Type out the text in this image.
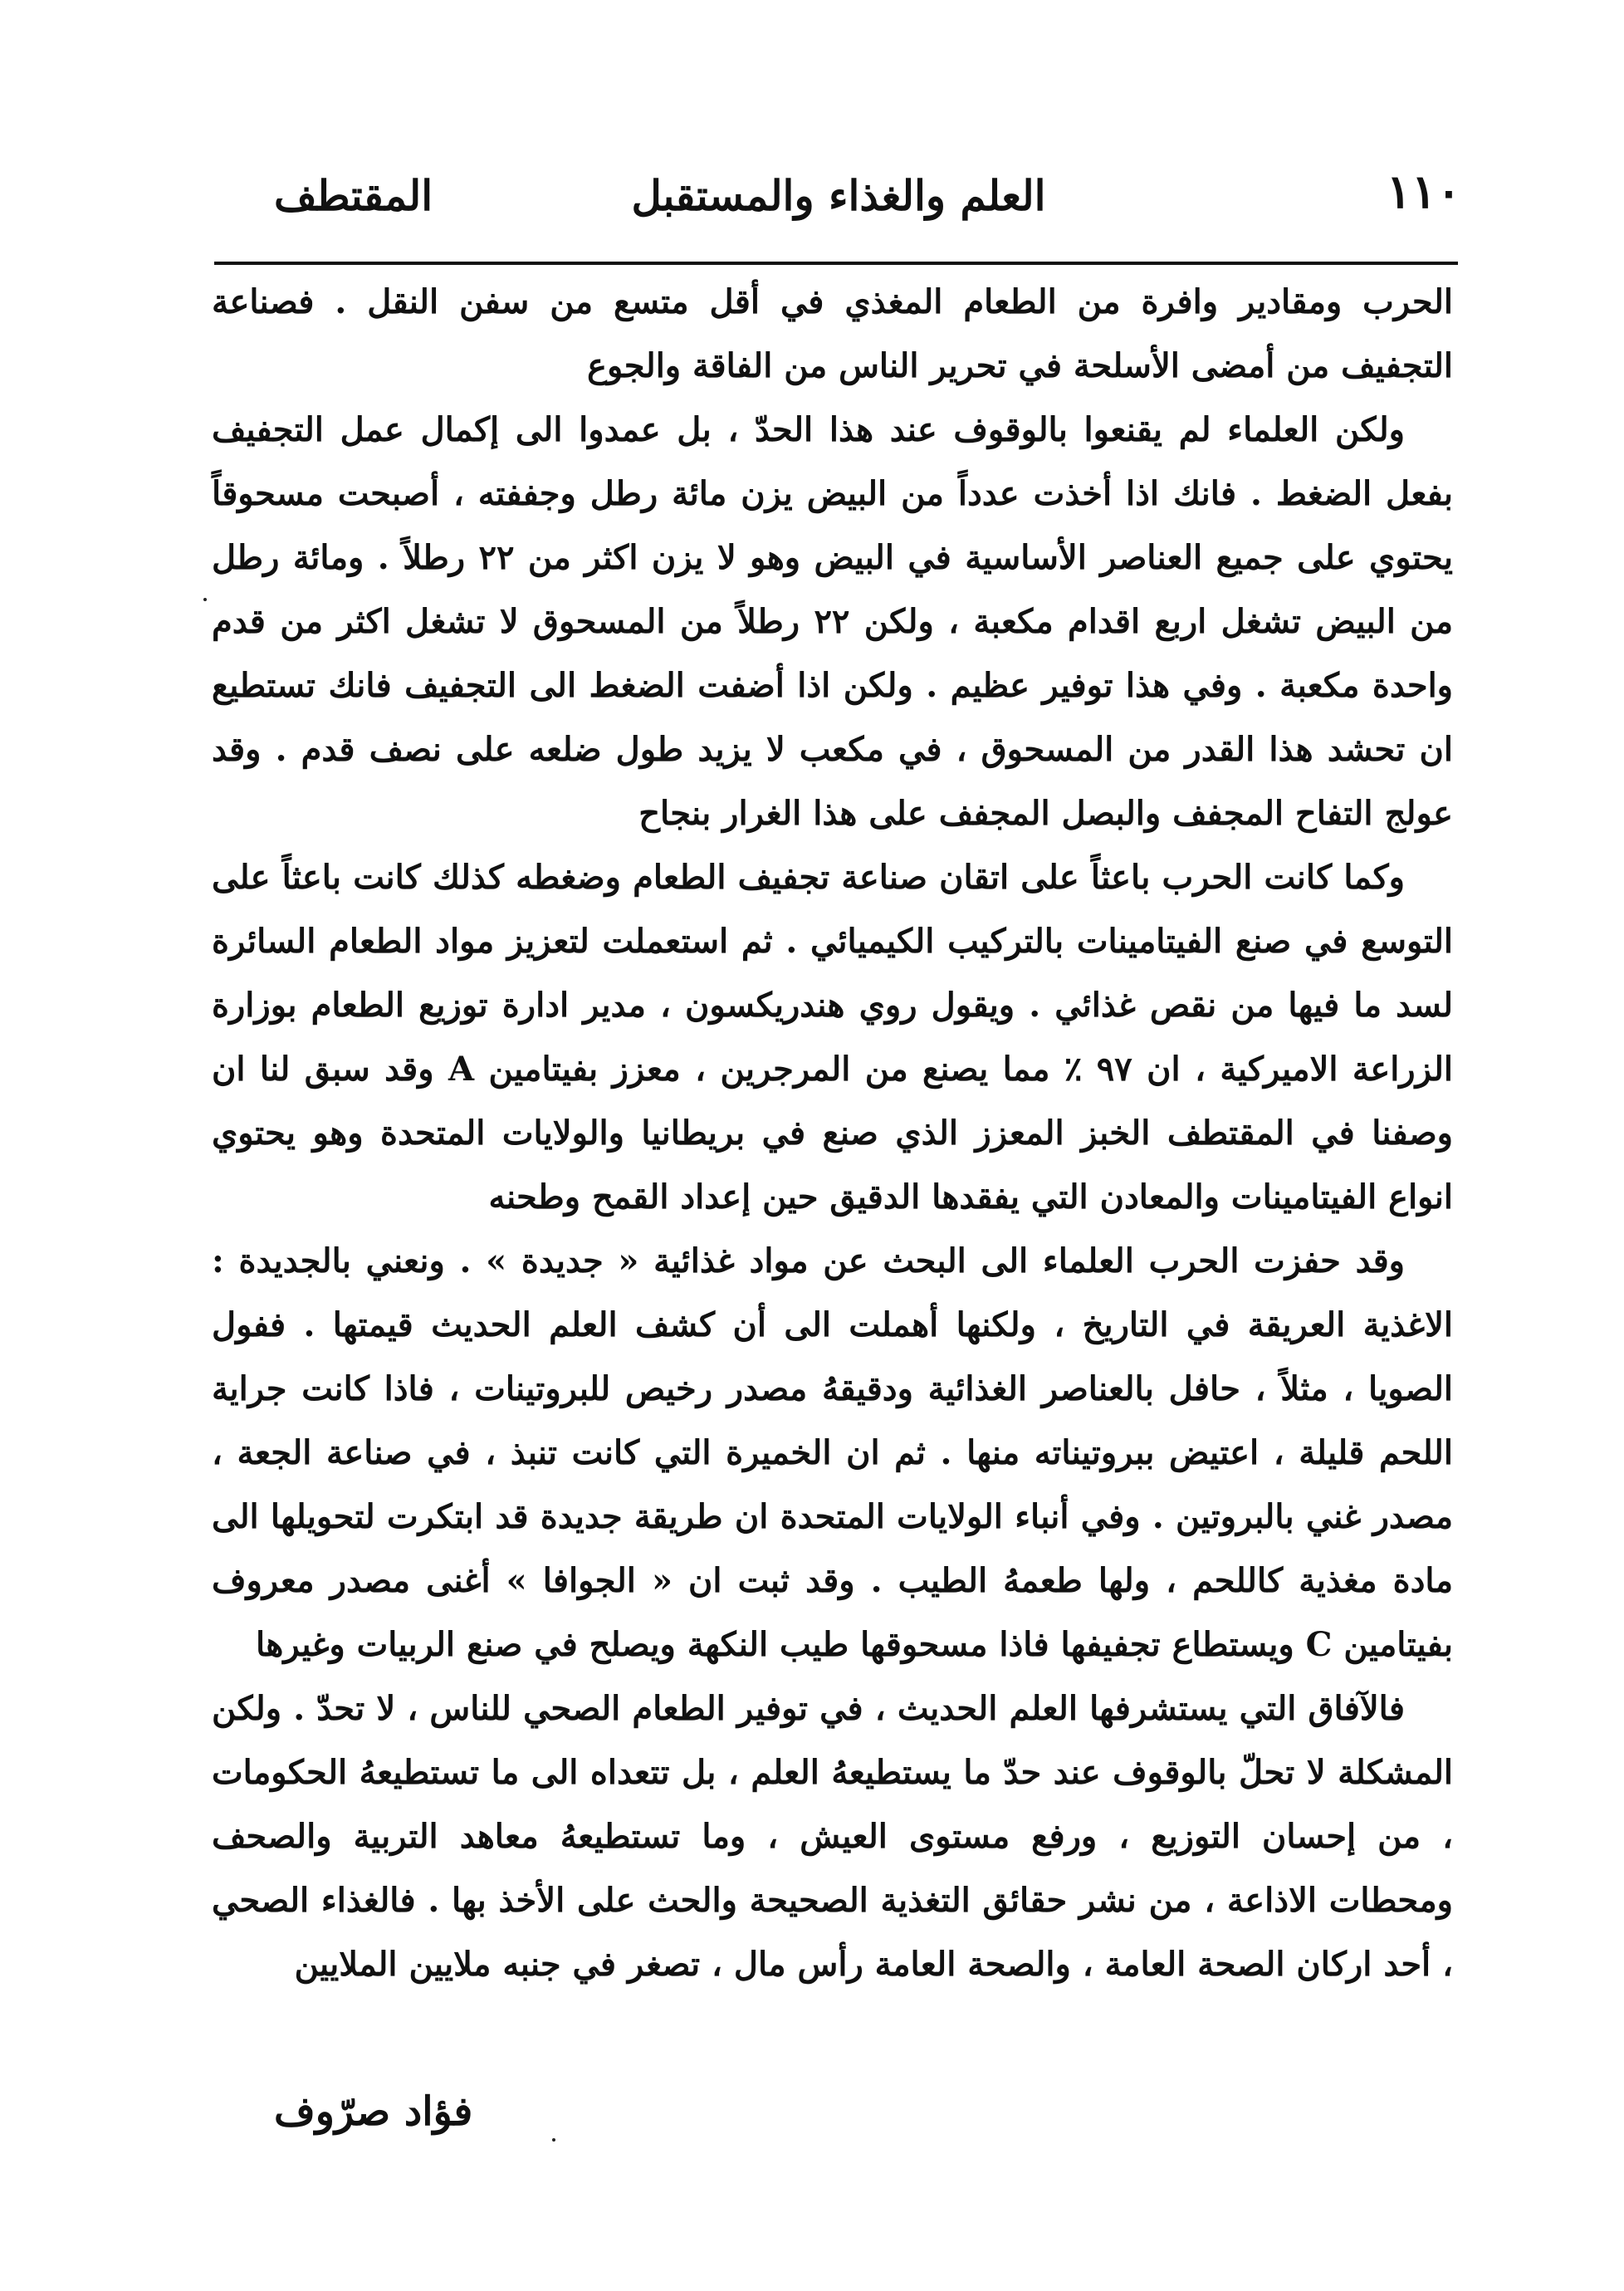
١١٠
العلم والغذاء والمستقبل
المقتطف

الحرب ومقادير وافرة من الطعام المغذي في أقل متسع من سفن النقل . فصناعة التجفيف من أمضى الأسلحة في تحرير الناس من الفاقة والجوع

ولكن العلماء لم يقنعوا بالوقوف عند هذا الحدّ ، بل عمدوا الى إكمال عمل التجفيف بفعل الضغط . فانك اذا أخذت عدداً من البيض يزن مائة رطل وجففته ، أصبحت مسحوقاً يحتوي على جميع العناصر الأساسية في البيض وهو لا يزن اكثر من ٢٢ رطلاً . ومائة رطل من البيض تشغل اربع اقدام مكعبة ، ولكن ٢٢ رطلاً من المسحوق لا تشغل اكثر من قدم واحدة مكعبة . وفي هذا توفير عظيم . ولكن اذا أضفت الضغط الى التجفيف فانك تستطيع ان تحشد هذا القدر من المسحوق ، في مكعب لا يزيد طول ضلعه على نصف قدم . وقد عولج التفاح المجفف والبصل المجفف على هذا الغرار بنجاح

وكما كانت الحرب باعثاً على اتقان صناعة تجفيف الطعام وضغطه كذلك كانت باعثاً على التوسع في صنع الفيتامينات بالتركيب الكيميائي . ثم استعملت لتعزيز مواد الطعام السائرة لسد ما فيها من نقص غذائي . ويقول روي هندريكسون ، مدير ادارة توزيع الطعام بوزارة الزراعة الاميركية ، ان ٩٧ ٪ مما يصنع من المرجرين ، معزز بفيتامين A وقد سبق لنا ان وصفنا في المقتطف الخبز المعزز الذي صنع في بريطانيا والولايات المتحدة وهو يحتوي انواع الفيتامينات والمعادن التي يفقدها الدقيق حين إعداد القمح وطحنه

وقد حفزت الحرب العلماء الى البحث عن مواد غذائية « جديدة » . ونعني بالجديدة : الاغذية العريقة في التاريخ ، ولكنها أهملت الى أن كشف العلم الحديث قيمتها . ففول الصويا ، مثلاً ، حافل بالعناصر الغذائية ودقيقهُ مصدر رخيص للبروتينات ، فاذا كانت جراية اللحم قليلة ، اعتيض ببروتيناته منها . ثم ان الخميرة التي كانت تنبذ ، في صناعة الجعة ، مصدر غني بالبروتين . وفي أنباء الولايات المتحدة ان طريقة جديدة قد ابتكرت لتحويلها الى مادة مغذية كاللحم ، ولها طعمهُ الطيب . وقد ثبت ان « الجوافا » أغنى مصدر معروف بفيتامين C ويستطاع تجفيفها فاذا مسحوقها طيب النكهة ويصلح في صنع الربيات وغيرها

فالآفاق التي يستشرفها العلم الحديث ، في توفير الطعام الصحي للناس ، لا تحدّ . ولكن المشكلة لا تحلّ بالوقوف عند حدّ ما يستطيعهُ العلم ، بل تتعداه الى ما تستطيعهُ الحكومات ، من إحسان التوزيع ، ورفع مستوى العيش ، وما تستطيعهُ معاهد التربية والصحف ومحطات الاذاعة ، من نشر حقائق التغذية الصحيحة والحث على الأخذ بها . فالغذاء الصحي ، أحد اركان الصحة العامة ، والصحة العامة رأس مال ، تصغر في جنبه ملايين الملايين

فؤاد صرّوف
